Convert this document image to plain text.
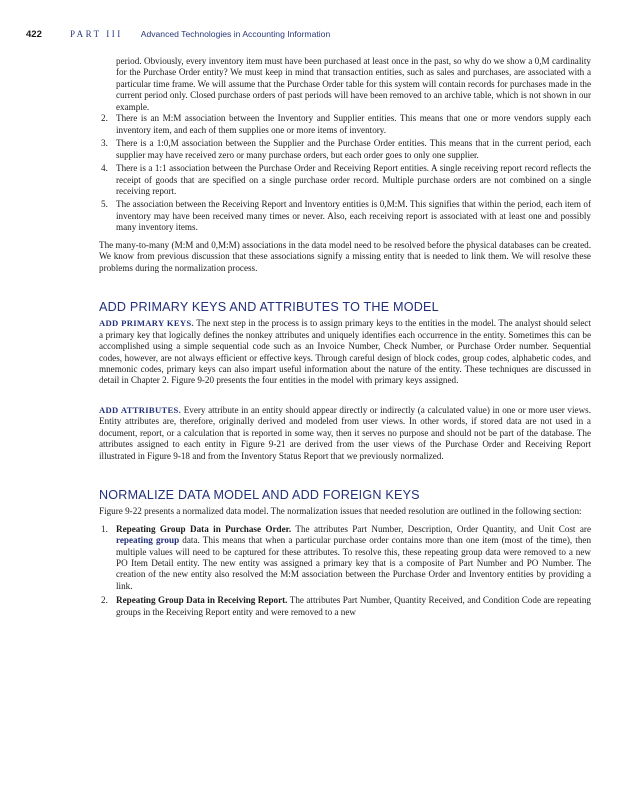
422	PART III Advanced Technologies in Accounting Information

period. Obviously, every inventory item must have been purchased at least once in the past, so why do we show a 0,M cardinality for the Purchase Order entity? We must keep in mind that transaction entities, such as sales and purchases, are associated with a particular time frame. We will assume that the Purchase Order table for this system will contain records for purchases made in the current period only. Closed purchase orders of past periods will have been removed to an archive table, which is not shown in our example.

2. There is an M:M association between the Inventory and Supplier entities. This means that one or more vendors supply each inventory item, and each of them supplies one or more items of inventory.
3. There is a 1:0,M association between the Supplier and the Purchase Order entities. This means that in the current period, each supplier may have received zero or many purchase orders, but each order goes to only one supplier.
4. There is a 1:1 association between the Purchase Order and Receiving Report entities. A single receiving report record reflects the receipt of goods that are specified on a single purchase order record. Multiple purchase orders are not combined on a single receiving report.
5. The association between the Receiving Report and Inventory entities is 0,M:M. This signifies that within the period, each item of inventory may have been received many times or never. Also, each receiving report is associated with at least one and possibly many inventory items.

The many-to-many (M:M and 0,M:M) associations in the data model need to be resolved before the physical databases can be created. We know from previous discussion that these associations signify a missing entity that is needed to link them. We will resolve these problems during the normalization process.

ADD PRIMARY KEYS AND ATTRIBUTES TO THE MODEL

ADD PRIMARY KEYS. The next step in the process is to assign primary keys to the entities in the model. The analyst should select a primary key that logically defines the nonkey attributes and uniquely identifies each occurrence in the entity. Sometimes this can be accomplished using a simple sequential code such as an Invoice Number, Check Number, or Purchase Order number. Sequential codes, however, are not always efficient or effective keys. Through careful design of block codes, group codes, alphabetic codes, and mnemonic codes, primary keys can also impart useful information about the nature of the entity. These techniques are discussed in detail in Chapter 2. Figure 9-20 presents the four entities in the model with primary keys assigned.

ADD ATTRIBUTES. Every attribute in an entity should appear directly or indirectly (a calculated value) in one or more user views. Entity attributes are, therefore, originally derived and modeled from user views. In other words, if stored data are not used in a document, report, or a calculation that is reported in some way, then it serves no purpose and should not be part of the database. The attributes assigned to each entity in Figure 9-21 are derived from the user views of the Purchase Order and Receiving Report illustrated in Figure 9-18 and from the Inventory Status Report that we previously normalized.

NORMALIZE DATA MODEL AND ADD FOREIGN KEYS

Figure 9-22 presents a normalized data model. The normalization issues that needed resolution are outlined in the following section:

1. Repeating Group Data in Purchase Order. The attributes Part Number, Description, Order Quantity, and Unit Cost are repeating group data. This means that when a particular purchase order contains more than one item (most of the time), then multiple values will need to be captured for these attributes. To resolve this, these repeating group data were removed to a new PO Item Detail entity. The new entity was assigned a primary key that is a composite of Part Number and PO Number. The creation of the new entity also resolved the M:M association between the Purchase Order and Inventory entities by providing a link.
2. Repeating Group Data in Receiving Report. The attributes Part Number, Quantity Received, and Condition Code are repeating groups in the Receiving Report entity and were removed to a new
